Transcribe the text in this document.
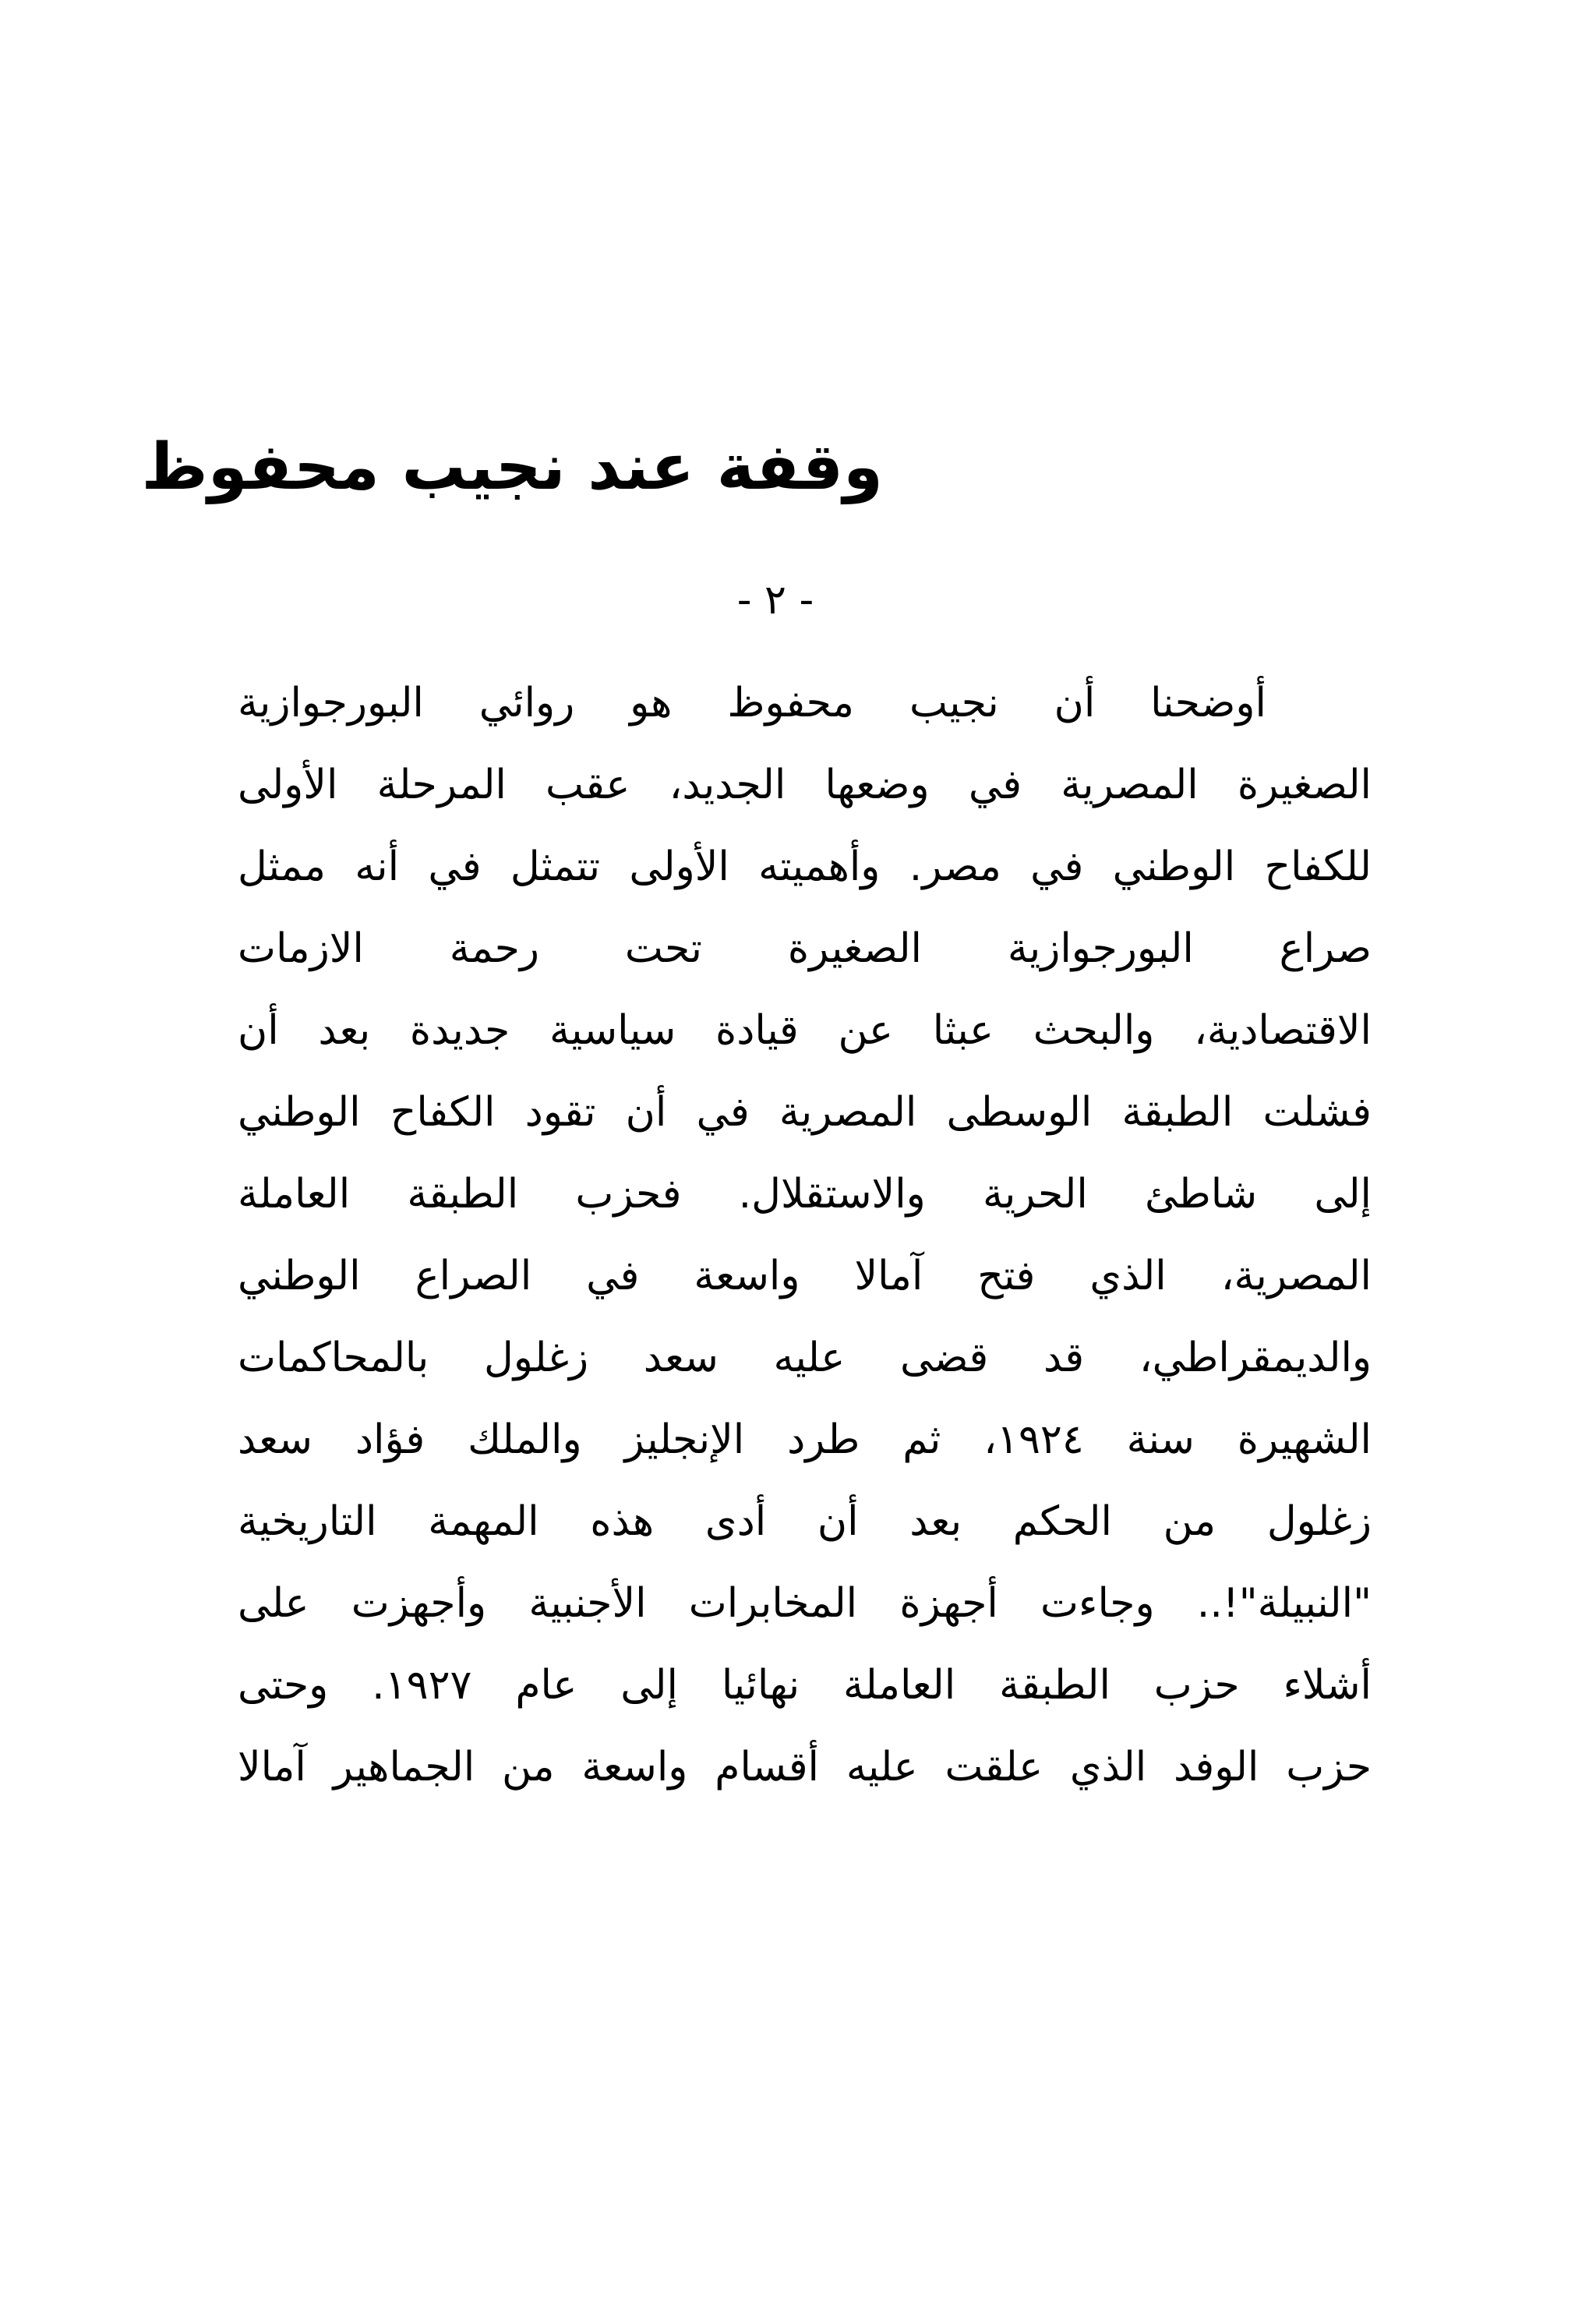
وقفة عند نجيب محفوظ
- ٢ -
أوضحنا أن نجيب محفوظ هو روائي البورجوازية
الصغيرة المصرية في وضعها الجديد، عقب المرحلة الأولى
للكفاح الوطني في مصر. وأهميته الأولى تتمثل في أنه ممثل
صراع البورجوازية الصغيرة تحت رحمة الازمات
الاقتصادية، والبحث عبثا عن قيادة سياسية جديدة بعد أن
فشلت الطبقة الوسطى المصرية في أن تقود الكفاح الوطني
إلى شاطئ الحرية والاستقلال. فحزب الطبقة العاملة
المصرية، الذي فتح آمالا واسعة في الصراع الوطني
والديمقراطي، قد قضى عليه سعد زغلول بالمحاكمات
الشهيرة سنة ١٩٢٤، ثم طرد الإنجليز والملك فؤاد سعد
زغلول من الحكم بعد أن أدى هذه المهمة التاريخية
"النبيلة"!.. وجاءت أجهزة المخابرات الأجنبية وأجهزت على
أشلاء حزب الطبقة العاملة نهائيا إلى عام ١٩٢٧. وحتى
حزب الوفد الذي علقت عليه أقسام واسعة من الجماهير آمالا
